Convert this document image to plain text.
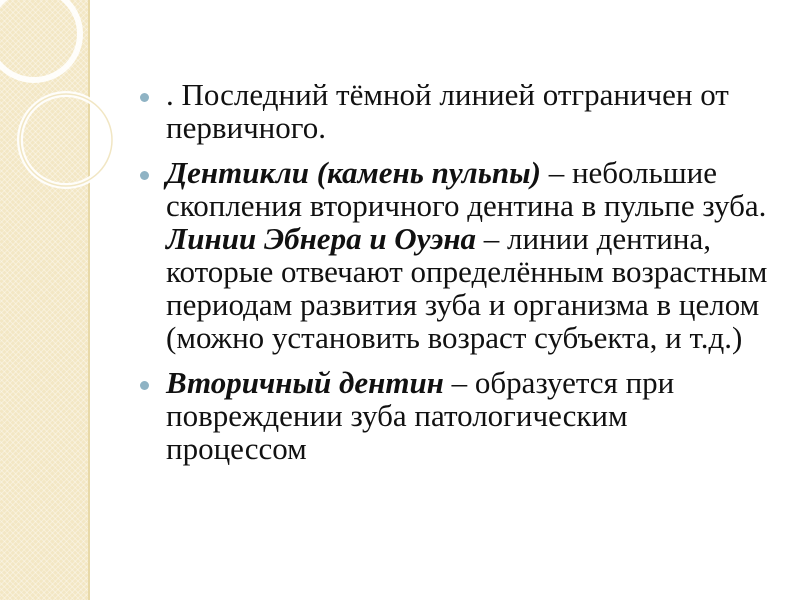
. Последний тёмной линией отграничен от первичного.
Дентикли (камень пульпы) – небольшие скопления вторичного дентина в пульпе зуба. Линии Эбнера и Оуэна – линии дентина, которые отвечают определённым возрастным периодам развития зуба и организма в целом (можно установить возраст субъекта, и т.д.)
Вторичный дентин – образуется при повреждении зуба патологическим процессом
